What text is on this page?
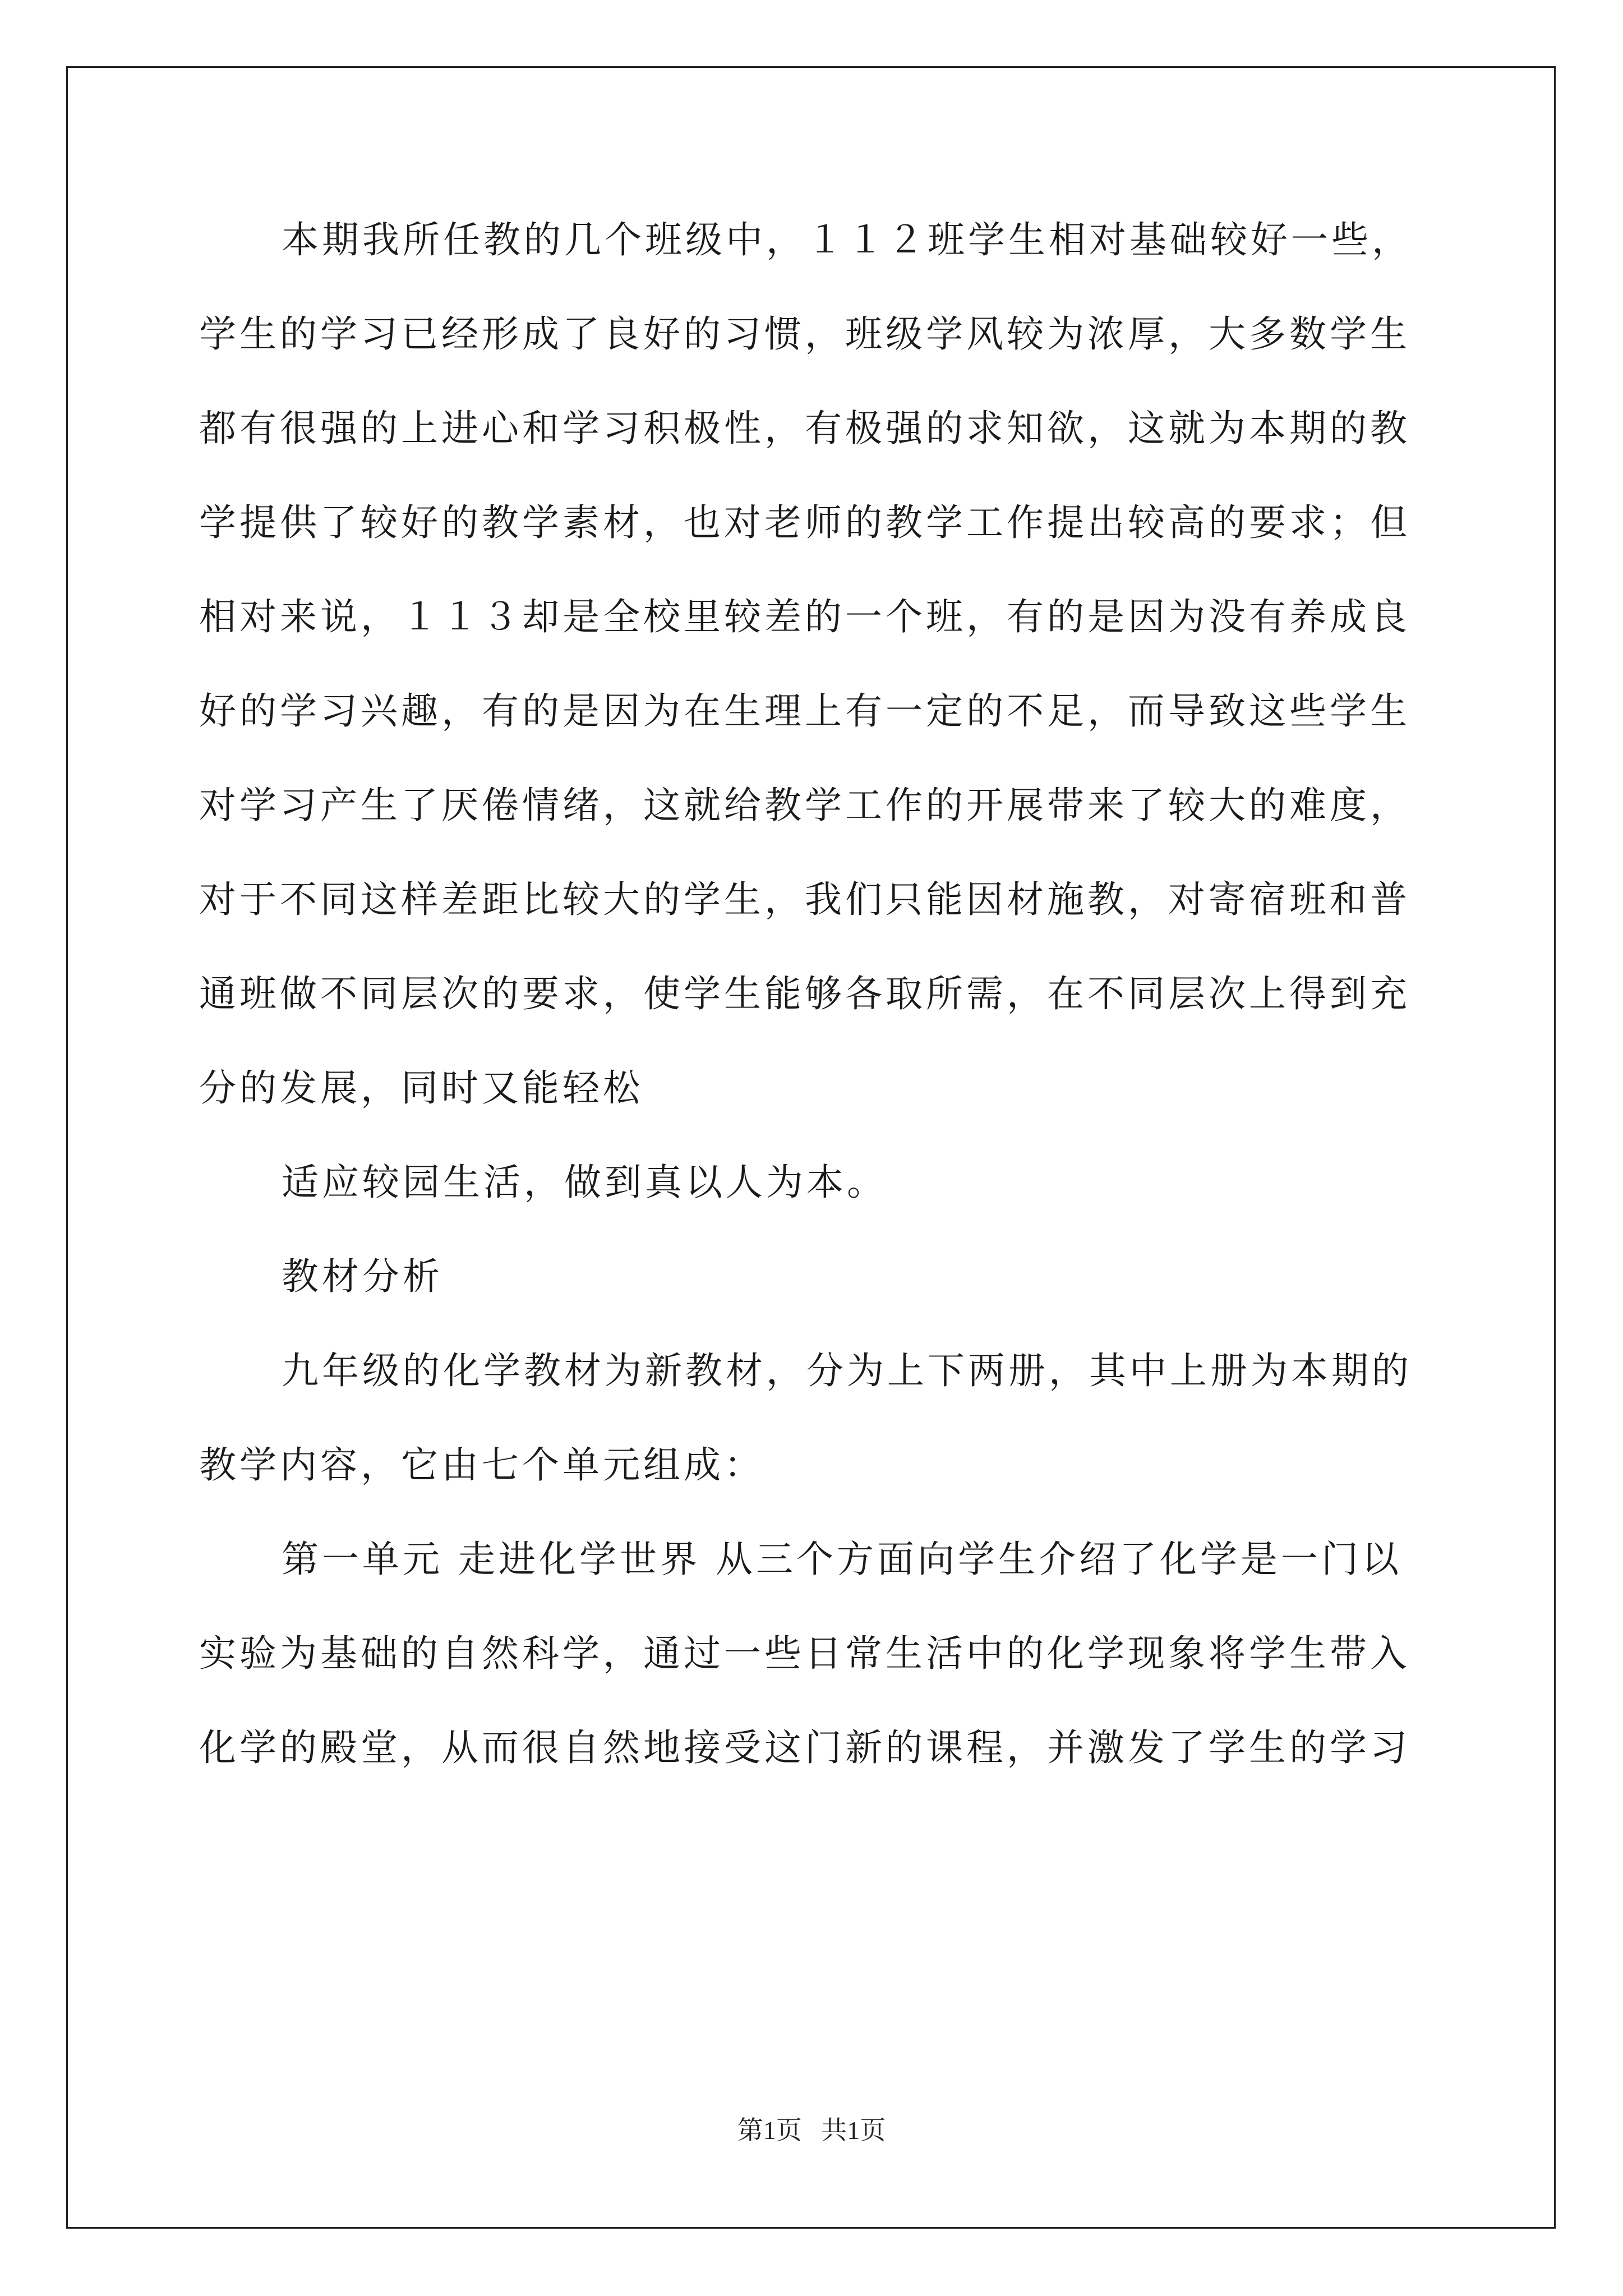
本期我所任教的几个班级中，１１２班学生相对基础较好一些，
学生的学习已经形成了良好的习惯，班级学风较为浓厚，大多数学生
都有很强的上进心和学习积极性，有极强的求知欲，这就为本期的教
学提供了较好的教学素材，也对老师的教学工作提出较高的要求；但
相对来说，１１３却是全校里较差的一个班，有的是因为没有养成良
好的学习兴趣，有的是因为在生理上有一定的不足，而导致这些学生
对学习产生了厌倦情绪，这就给教学工作的开展带来了较大的难度，
对于不同这样差距比较大的学生，我们只能因材施教，对寄宿班和普
通班做不同层次的要求，使学生能够各取所需，在不同层次上得到充
分的发展，同时又能轻松
适应较园生活，做到真以人为本。
教材分析
九年级的化学教材为新教材，分为上下两册，其中上册为本期的
教学内容，它由七个单元组成：
第一单元 走进化学世界 从三个方面向学生介绍了化学是一门以
实验为基础的自然科学，通过一些日常生活中的化学现象将学生带入
化学的殿堂，从而很自然地接受这门新的课程，并激发了学生的学习
第1页   共1页
